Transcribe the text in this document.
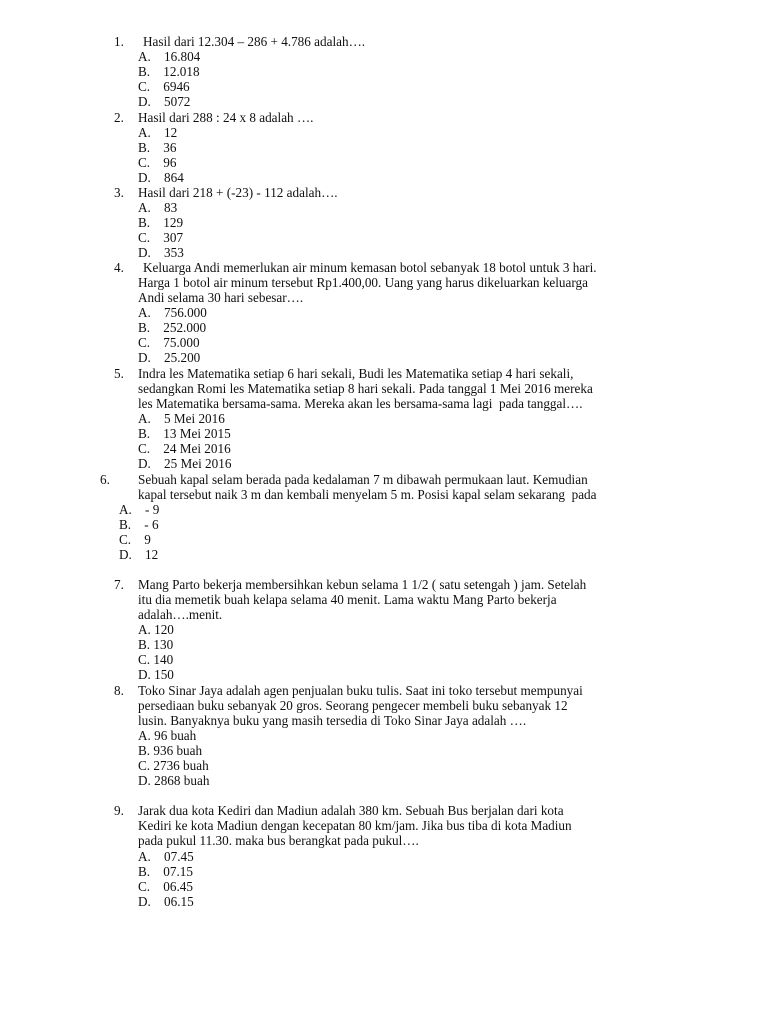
1. Hasil dari 12.304 – 286 + 4.786 adalah….
A.    16.804
B.    12.018
C.    6946
D.    5072
2. Hasil dari 288 : 24 x 8 adalah ….
A.    12
B.    36
C.    96
D.    864
3. Hasil dari 218 + (-23) - 112 adalah….
A.    83
B.    129
C.    307
D.    353
4. Keluarga Andi memerlukan air minum kemasan botol sebanyak 18 botol untuk 3 hari.
Harga 1 botol air minum tersebut Rp1.400,00. Uang yang harus dikeluarkan keluarga
Andi selama 30 hari sebesar….
A.    756.000
B.    252.000
C.    75.000
D.    25.200
5. Indra les Matematika setiap 6 hari sekali, Budi les Matematika setiap 4 hari sekali,
sedangkan Romi les Matematika setiap 8 hari sekali. Pada tanggal 1 Mei 2016 mereka
les Matematika bersama-sama. Mereka akan les bersama-sama lagi  pada tanggal….
A.    5 Mei 2016
B.    13 Mei 2015
C.    24 Mei 2016
D.    25 Mei 2016
6. Sebuah kapal selam berada pada kedalaman 7 m dibawah permukaan laut. Kemudian
kapal tersebut naik 3 m dan kembali menyelam 5 m. Posisi kapal selam sekarang  pada
A.    - 9
B.    - 6
C.    9
D.    12
7. Mang Parto bekerja membersihkan kebun selama 1 1/2 ( satu setengah ) jam. Setelah
itu dia memetik buah kelapa selama 40 menit. Lama waktu Mang Parto bekerja
adalah….menit.
A. 120
B. 130
C. 140
D. 150
8. Toko Sinar Jaya adalah agen penjualan buku tulis. Saat ini toko tersebut mempunyai
persediaan buku sebanyak 20 gros. Seorang pengecer membeli buku sebanyak 12
lusin. Banyaknya buku yang masih tersedia di Toko Sinar Jaya adalah ….
A. 96 buah
B. 936 buah
C. 2736 buah
D. 2868 buah
9. Jarak dua kota Kediri dan Madiun adalah 380 km. Sebuah Bus berjalan dari kota
Kediri ke kota Madiun dengan kecepatan 80 km/jam. Jika bus tiba di kota Madiun
pada pukul 11.30. maka bus berangkat pada pukul….
A.    07.45
B.    07.15
C.    06.45
D.    06.15
